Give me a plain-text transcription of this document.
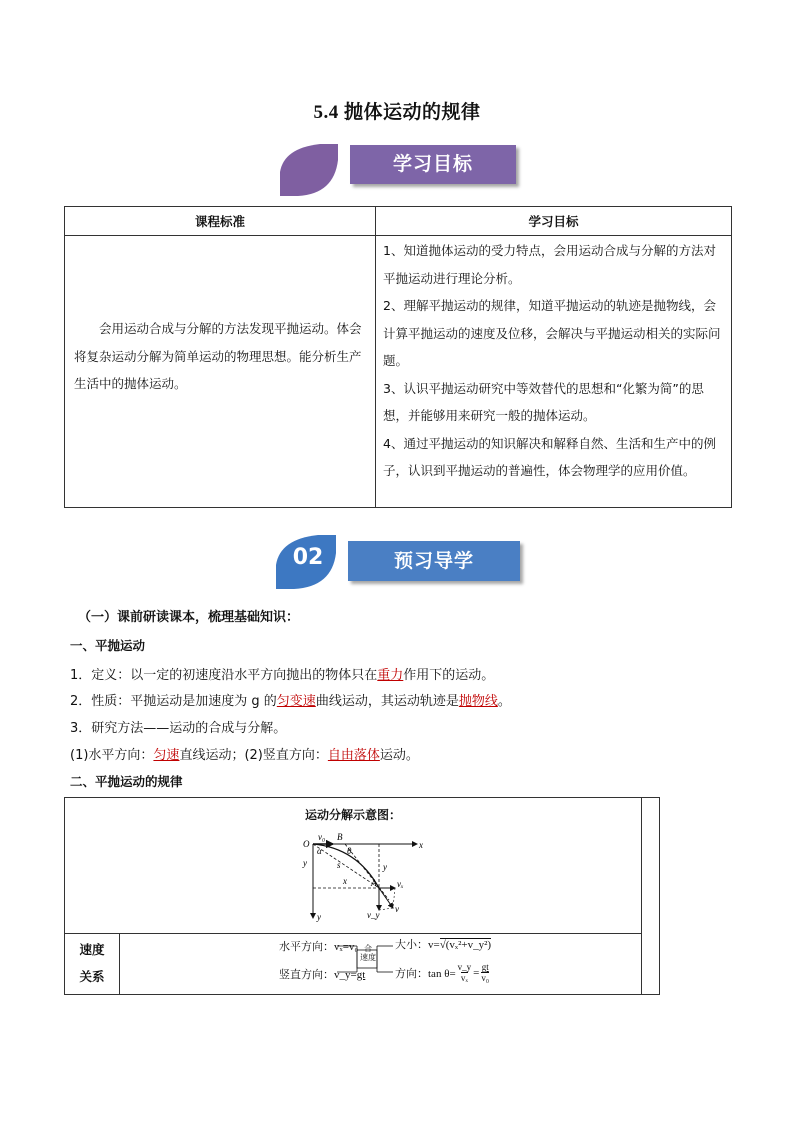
5.4 抛体运动的规律
学习目标
课程标准	学习目标

会用运动合成与分解的方法发现平抛运动。体会将复杂运动分解为简单运动的物理思想。能分析生产生活中的抛体运动。	1、知道抛体运动的受力特点，会用运动合成与分解的方法对平抛运动进行理论分析。

2、理解平抛运动的规律，知道平抛运动的轨迹是抛物线，会计算平抛运动的速度及位移，会解决与平抛运动相关的实际问题。

3、认识平抛运动研究中等效替代的思想和“化繁为简”的思想，并能够用来研究一般的抛体运动。

4、通过平抛运动的知识解决和解释自然、生活和生产中的例子，认识到平抛运动的普遍性，体会物理学的应用价值。

02	预习导学
（一）课前研读课本，梳理基础知识：
一、平抛运动
1．定义：以一定的初速度沿水平方向抛出的物体只在重力作用下的运动。
2．性质：平抛运动是加速度为 g 的匀变速曲线运动，其运动轨迹是抛物线。
3．研究方法——运动的合成与分解。
(1)水平方向：匀速直线运动；(2)竖直方向：自由落体运动。
二、平抛运动的规律
运动分解示意图：
O
v₀ B
α	θ
s
x
y
x
y
A vₓ
v_y
v
y
速度
关系
水平方向：vₓ=v₀
竖直方向：v_y=gt
合
速度
大小：v=√(vₓ²+v_y²)
方向：$\tan \theta= \frac{v\_y}{\text{vₓ}} = \frac{gt}{\text{v₀}}$
